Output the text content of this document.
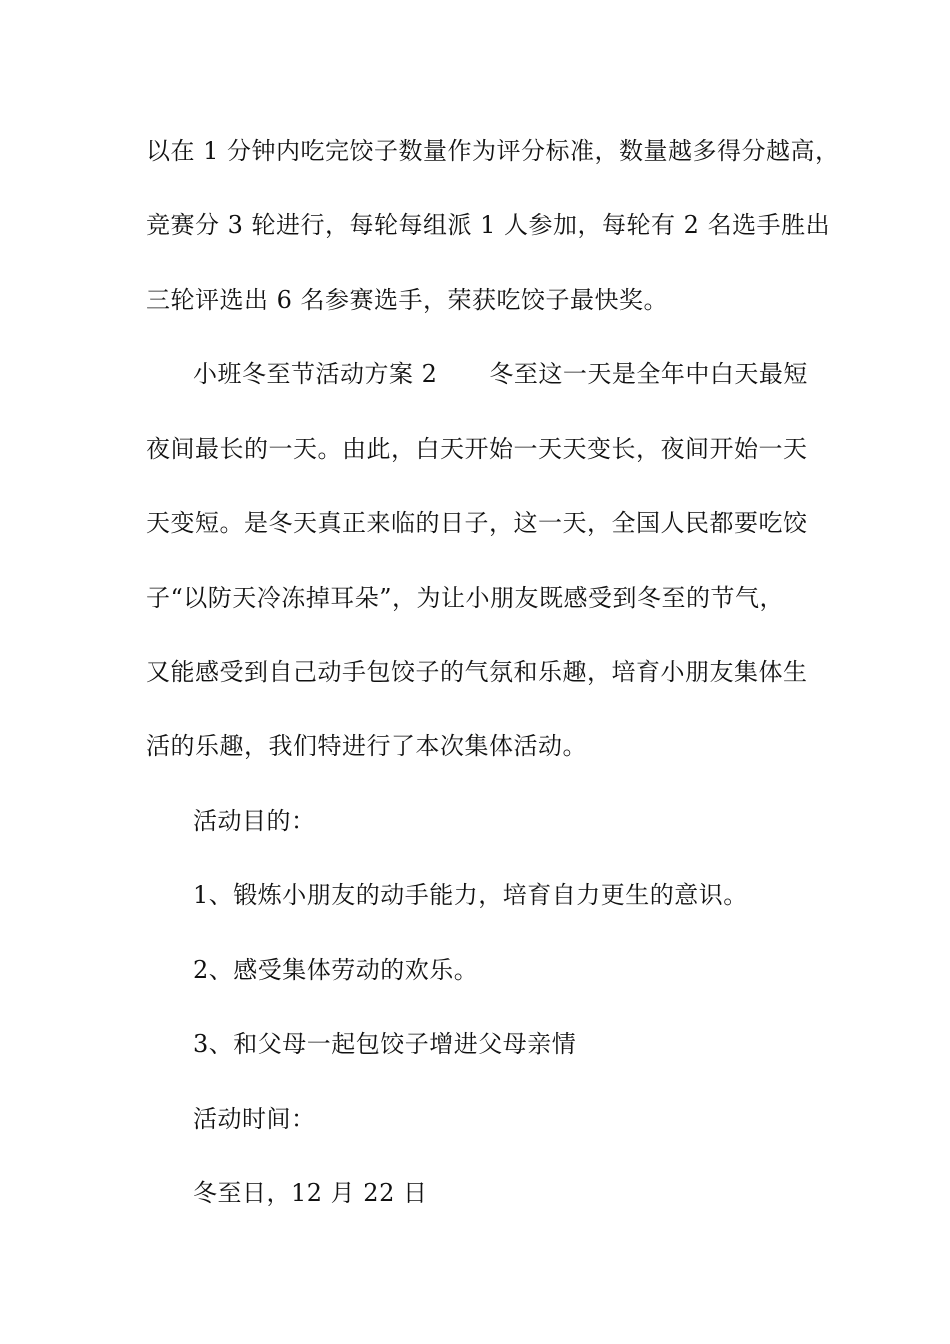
以在 1 分钟内吃完饺子数量作为评分标准，数量越多得分越高，
竞赛分 3 轮进行，每轮每组派 1 人参加，每轮有 2 名选手胜出
三轮评选出 6 名参赛选手，荣获吃饺子最快奖。
小班冬至节活动方案 2 冬至这一天是全年中白天最短
夜间最长的一天。由此，白天开始一天天变长，夜间开始一天
天变短。是冬天真正来临的日子，这一天，全国人民都要吃饺
子“以防天冷冻掉耳朵”，为让小朋友既感受到冬至的节气，
又能感受到自己动手包饺子的气氛和乐趣，培育小朋友集体生
活的乐趣，我们特进行了本次集体活动。
活动目的：
1、锻炼小朋友的动手能力，培育自力更生的意识。
2、感受集体劳动的欢乐。
3、和父母一起包饺子增进父母亲情
活动时间：
冬至日，12 月 22 日
